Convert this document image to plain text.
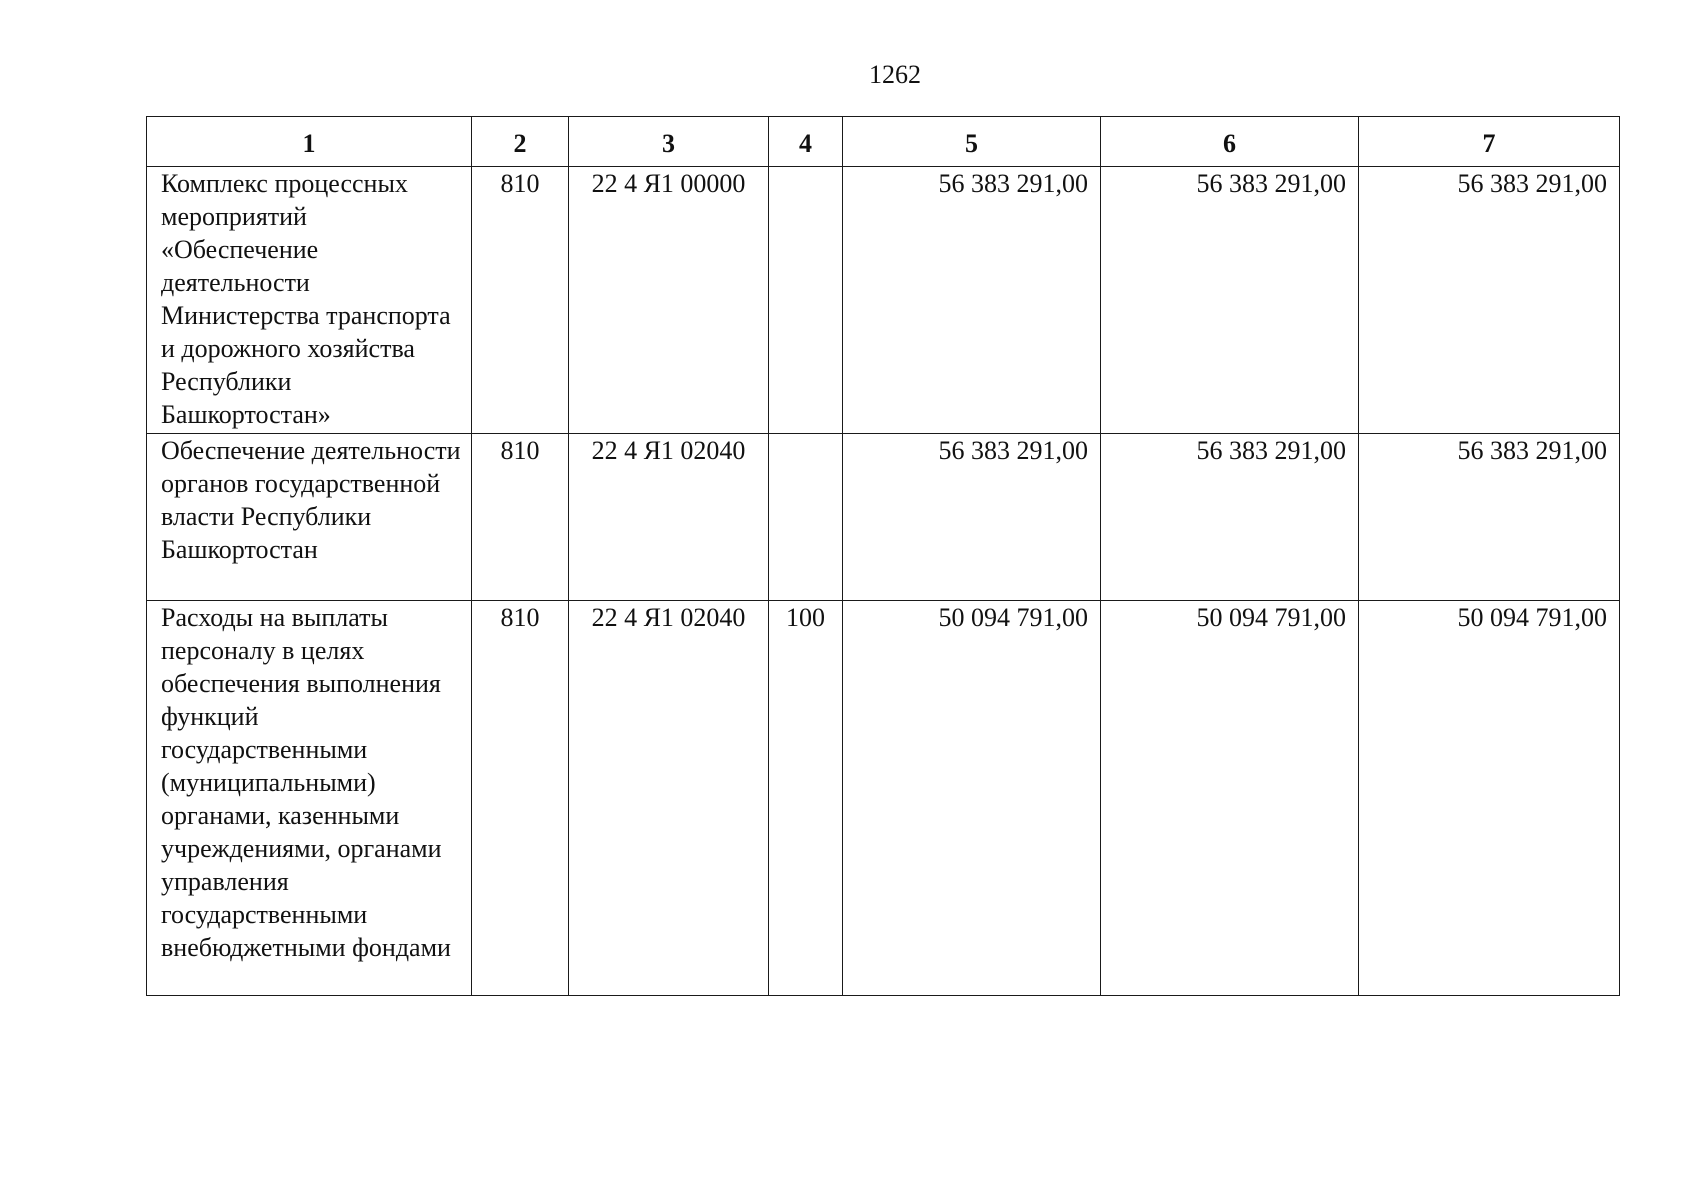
1262
1	2	3	4	5	6	7
Комплекс процессных мероприятий «Обеспечение деятельности Министерства транспорта и дорожного хозяйства Республики Башкортостан»	810	22 4 Я1 00000		56 383 291,00	56 383 291,00	56 383 291,00
Обеспечение деятельности органов государственной власти Республики Башкортостан	810	22 4 Я1 02040		56 383 291,00	56 383 291,00	56 383 291,00
Расходы на выплаты персоналу в целях обеспечения выполнения функций государственными (муниципальными) органами, казенными учреждениями, органами управления государственными внебюджетными фондами	810	22 4 Я1 02040	100	50 094 791,00	50 094 791,00	50 094 791,00
